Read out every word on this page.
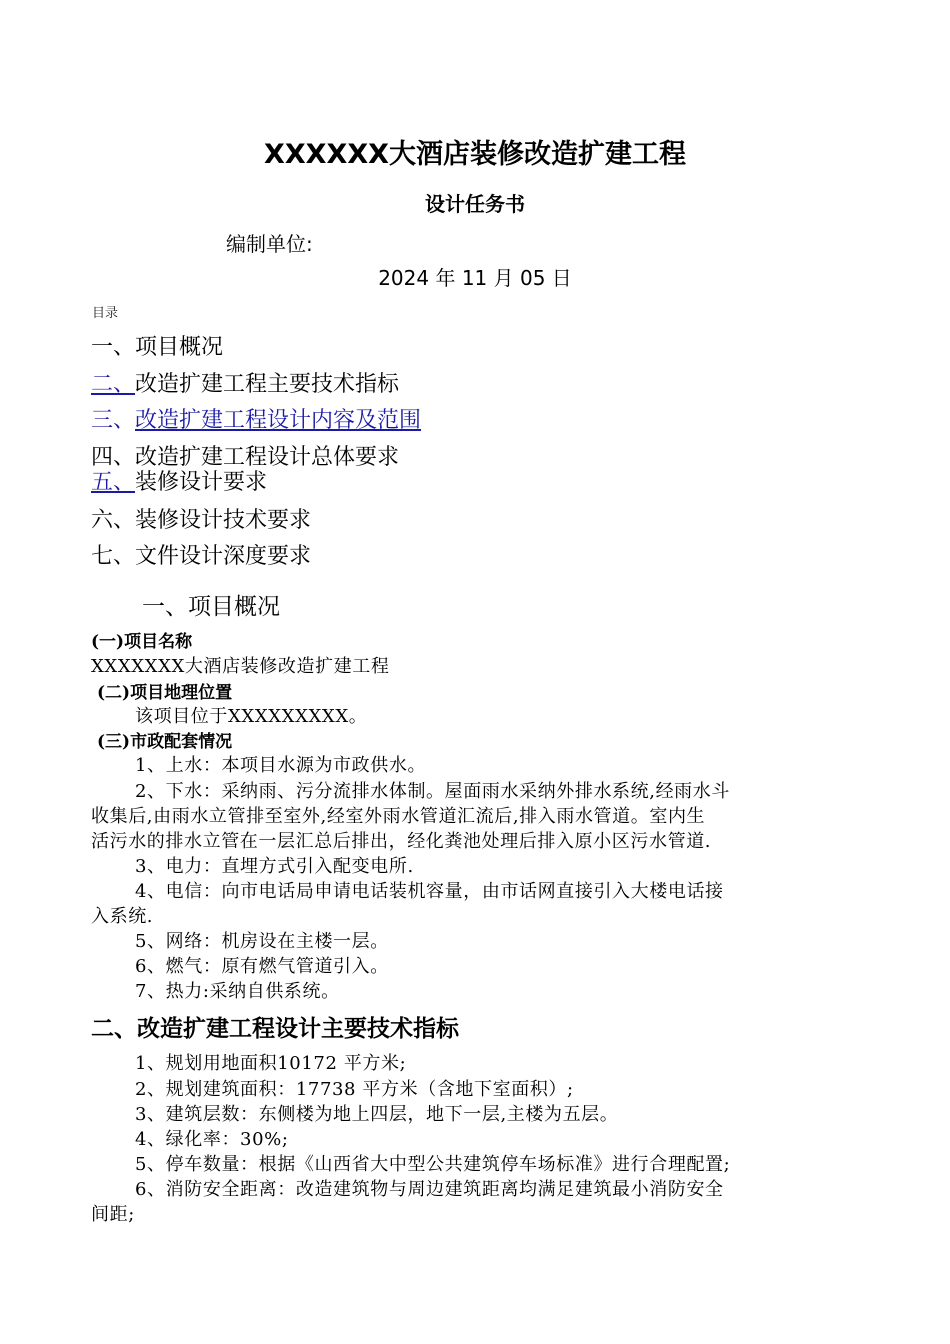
XXXXXX大酒店装修改造扩建工程
设计任务书
编制单位:
2024 年 11 月 05 日
目录
一、项目概况
二、改造扩建工程主要技术指标
三、改造扩建工程设计内容及范围
四、改造扩建工程设计总体要求
五、装修设计要求
六、装修设计技术要求
七、文件设计深度要求
一、项目概况
(一)项目名称
XXXXXXX大酒店装修改造扩建工程
(二)项目地理位置
该项目位于XXXXXXXXX。
(三)市政配套情况
1、上水：本项目水源为市政供水。
2、下水：采纳雨、污分流排水体制。屋面雨水采纳外排水系统,经雨水斗
收集后,由雨水立管排至室外,经室外雨水管道汇流后,排入雨水管道。室内生
活污水的排水立管在一层汇总后排出，经化粪池处理后排入原小区污水管道.
3、电力：直埋方式引入配变电所.
4、电信：向市电话局申请电话装机容量，由市话网直接引入大楼电话接
入系统.
5、网络：机房设在主楼一层。
6、燃气：原有燃气管道引入。
7、热力:采纳自供系统。
二、改造扩建工程设计主要技术指标
1、规划用地面积10172 平方米;
2、规划建筑面积：17738 平方米（含地下室面积）;
3、建筑层数：东侧楼为地上四层，地下一层,主楼为五层。
4、绿化率：30%;
5、停车数量：根据《山西省大中型公共建筑停车场标准》进行合理配置;
6、消防安全距离：改造建筑物与周边建筑距离均满足建筑最小消防安全
间距;
